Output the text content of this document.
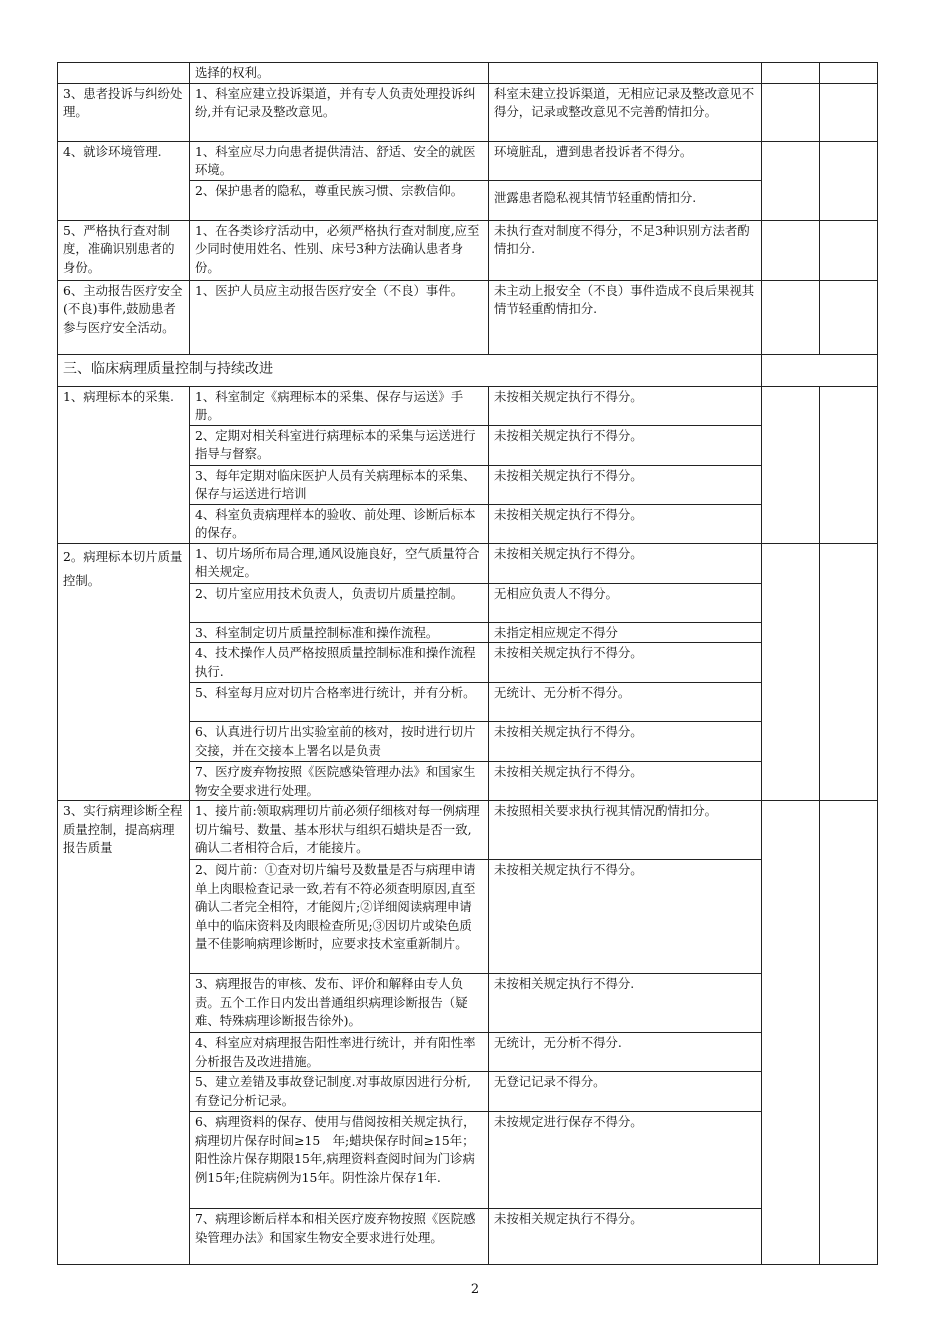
	选择的权利。			
3、患者投诉与纠纷处理。	1、科室应建立投诉渠道，并有专人负责处理投诉纠纷,并有记录及整改意见。	科室未建立投诉渠道，无相应记录及整改意见不得分，记录或整改意见不完善酌情扣分。		
4、就诊环境管理.	1、科室应尽力向患者提供清洁、舒适、安全的就医环境。	环境脏乱，遭到患者投诉者不得分。		
	2、保护患者的隐私，尊重民族习惯、宗教信仰。	泄露患者隐私视其情节轻重酌情扣分.		
5、严格执行查对制度，准确识别患者的身份。	1、在各类诊疗活动中，必须严格执行查对制度,应至少同时使用姓名、性别、床号3种方法确认患者身份。	未执行查对制度不得分，不足3种识别方法者酌情扣分.		
6、主动报告医疗安全(不良)事件,鼓励患者参与医疗安全活动。	1、医护人员应主动报告医疗安全（不良）事件。	未主动上报安全（不良）事件造成不良后果视其情节轻重酌情扣分.		
三、临床病理质量控制与持续改进				
1、病理标本的采集.	1、科室制定《病理标本的采集、保存与运送》手册。	未按相关规定执行不得分。		
	2、定期对相关科室进行病理标本的采集与运送进行指导与督察。	未按相关规定执行不得分。		
	3、每年定期对临床医护人员有关病理标本的采集、保存与运送进行培训	未按相关规定执行不得分。		
	4、科室负责病理样本的验收、前处理、诊断后标本的保存。	未按相关规定执行不得分。		
2。病理标本切片质量控制。	1、切片场所布局合理,通风设施良好，空气质量符合相关规定。	未按相关规定执行不得分。		
	2、切片室应用技术负责人，负责切片质量控制。	无相应负责人不得分。		
	3、科室制定切片质量控制标准和操作流程。	未指定相应规定不得分		
	4、技术操作人员严格按照质量控制标准和操作流程执行.	未按相关规定执行不得分。		
	5、科室每月应对切片合格率进行统计，并有分析。	无统计、无分析不得分。		
	6、认真进行切片出实验室前的核对，按时进行切片交接，并在交接本上署名以是负责	未按相关规定执行不得分。		
	7、医疗废弃物按照《医院感染管理办法》和国家生物安全要求进行处理。	未按相关规定执行不得分。		
3、实行病理诊断全程质量控制，提高病理报告质量	1、接片前:领取病理切片前必须仔细核对每一例病理切片编号、数量、基本形状与组织石蜡块是否一致,确认二者相符合后，才能接片。	未按照相关要求执行视其情况酌情扣分。		
	2、阅片前：①查对切片编号及数量是否与病理申请单上肉眼检查记录一致,若有不符必须查明原因,直至确认二者完全相符，才能阅片;②详细阅读病理申请单中的临床资料及肉眼检查所见;③因切片或染色质量不佳影响病理诊断时，应要求技术室重新制片。	未按相关规定执行不得分。		
	3、病理报告的审核、发布、评价和解释由专人负责。五个工作日内发出普通组织病理诊断报告（疑难、特殊病理诊断报告徐外)。	未按相关规定执行不得分.		
	4、科室应对病理报告阳性率进行统计，并有阳性率分析报告及改进措施。	无统计，无分析不得分.		
	5、建立差错及事故登记制度.对事故原因进行分析,有登记分析记录。	无登记记录不得分。		
	6、病理资料的保存、使用与借阅按相关规定执行，病理切片保存时间≥15　年;蜡块保存时间≥15年；阳性涂片保存期限15年,病理资料查阅时间为门诊病例15年;住院病例为15年。阴性涂片保存1年.	未按规定进行保存不得分。		
	7、病理诊断后样本和相关医疗废弃物按照《医院感染管理办法》和国家生物安全要求进行处理。	未按相关规定执行不得分。		
2
